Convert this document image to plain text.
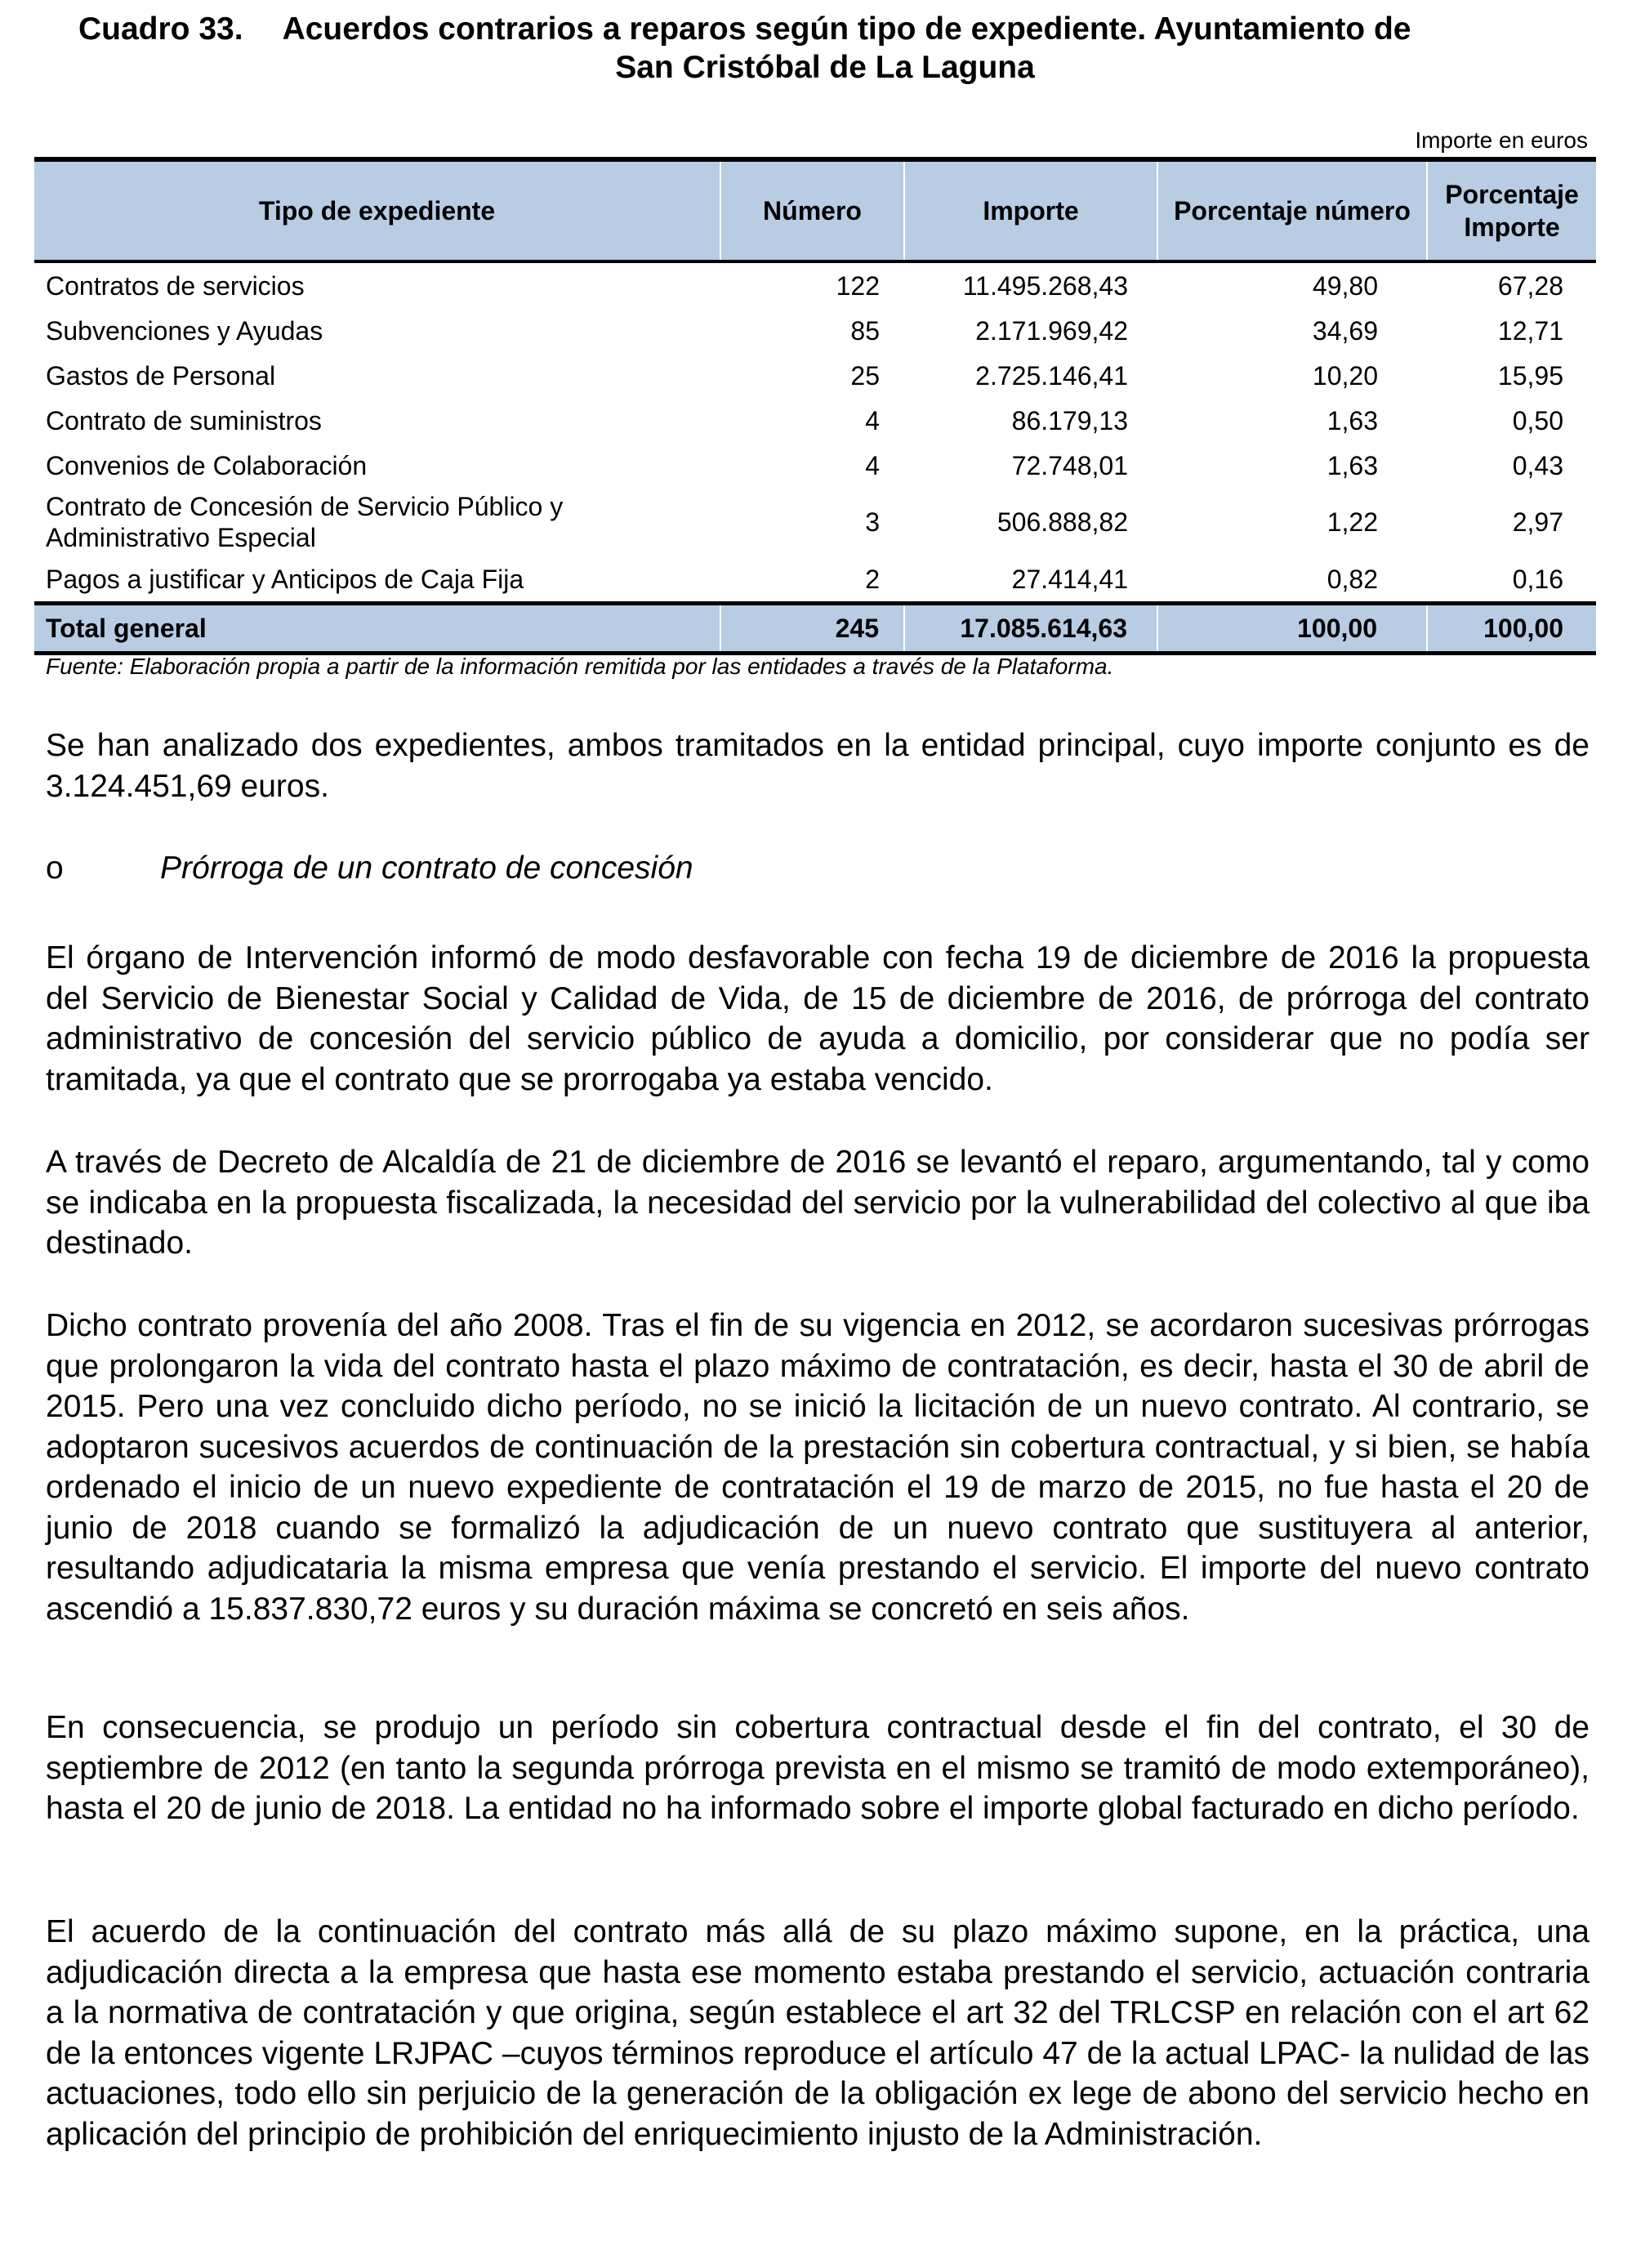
Cuadro 33. Acuerdos contrarios a reparos según tipo de expediente. Ayuntamiento de
San Cristóbal de La Laguna
Importe en euros
Tipo de expediente	Número	Importe	Porcentaje número	Porcentaje Importe
Contratos de servicios	122	11.495.268,43	49,80	67,28
Subvenciones y Ayudas	85	2.171.969,42	34,69	12,71
Gastos de Personal	25	2.725.146,41	10,20	15,95
Contrato de suministros	4	86.179,13	1,63	0,50
Convenios de Colaboración	4	72.748,01	1,63	0,43
Contrato de Concesión de Servicio Público y Administrativo Especial	3	506.888,82	1,22	2,97
Pagos a justificar y Anticipos de Caja Fija	2	27.414,41	0,82	0,16
Total general	245	17.085.614,63	100,00	100,00
Fuente: Elaboración propia a partir de la información remitida por las entidades a través de la Plataforma.
Se han analizado dos expedientes, ambos tramitados en la entidad principal, cuyo importe conjunto es de 3.124.451,69 euros.
o	Prórroga de un contrato de concesión
El órgano de Intervención informó de modo desfavorable con fecha 19 de diciembre de 2016 la propuesta del Servicio de Bienestar Social y Calidad de Vida, de 15 de diciembre de 2016, de prórroga del contrato administrativo de concesión del servicio público de ayuda a domicilio, por considerar que no podía ser tramitada, ya que el contrato que se prorrogaba ya estaba vencido.
A través de Decreto de Alcaldía de 21 de diciembre de 2016 se levantó el reparo, argumentando, tal y como se indicaba en la propuesta fiscalizada, la necesidad del servicio por la vulnerabilidad del colectivo al que iba destinado.
Dicho contrato provenía del año 2008. Tras el fin de su vigencia en 2012, se acordaron sucesivas prórrogas que prolongaron la vida del contrato hasta el plazo máximo de contratación, es decir, hasta el 30 de abril de 2015. Pero una vez concluido dicho período, no se inició la licitación de un nuevo contrato. Al contrario, se adoptaron sucesivos acuerdos de continuación de la prestación sin cobertura contractual, y si bien, se había ordenado el inicio de un nuevo expediente de contratación el 19 de marzo de 2015, no fue hasta el 20 de junio de 2018 cuando se formalizó la adjudicación de un nuevo contrato que sustituyera al anterior, resultando adjudicataria la misma empresa que venía prestando el servicio. El importe del nuevo contrato ascendió a 15.837.830,72 euros y su duración máxima se concretó en seis años.
En consecuencia, se produjo un período sin cobertura contractual desde el fin del contrato, el 30 de septiembre de 2012 (en tanto la segunda prórroga prevista en el mismo se tramitó de modo extemporáneo), hasta el 20 de junio de 2018. La entidad no ha informado sobre el importe global facturado en dicho período.
El acuerdo de la continuación del contrato más allá de su plazo máximo supone, en la práctica, una adjudicación directa a la empresa que hasta ese momento estaba prestando el servicio, actuación contraria a la normativa de contratación y que origina, según establece el art 32 del TRLCSP en relación con el art 62 de la entonces vigente LRJPAC –cuyos términos reproduce el artículo 47 de la actual LPAC- la nulidad de las actuaciones, todo ello sin perjuicio de la generación de la obligación ex lege de abono del servicio hecho en aplicación del principio de prohibición del enriquecimiento injusto de la Administración.
